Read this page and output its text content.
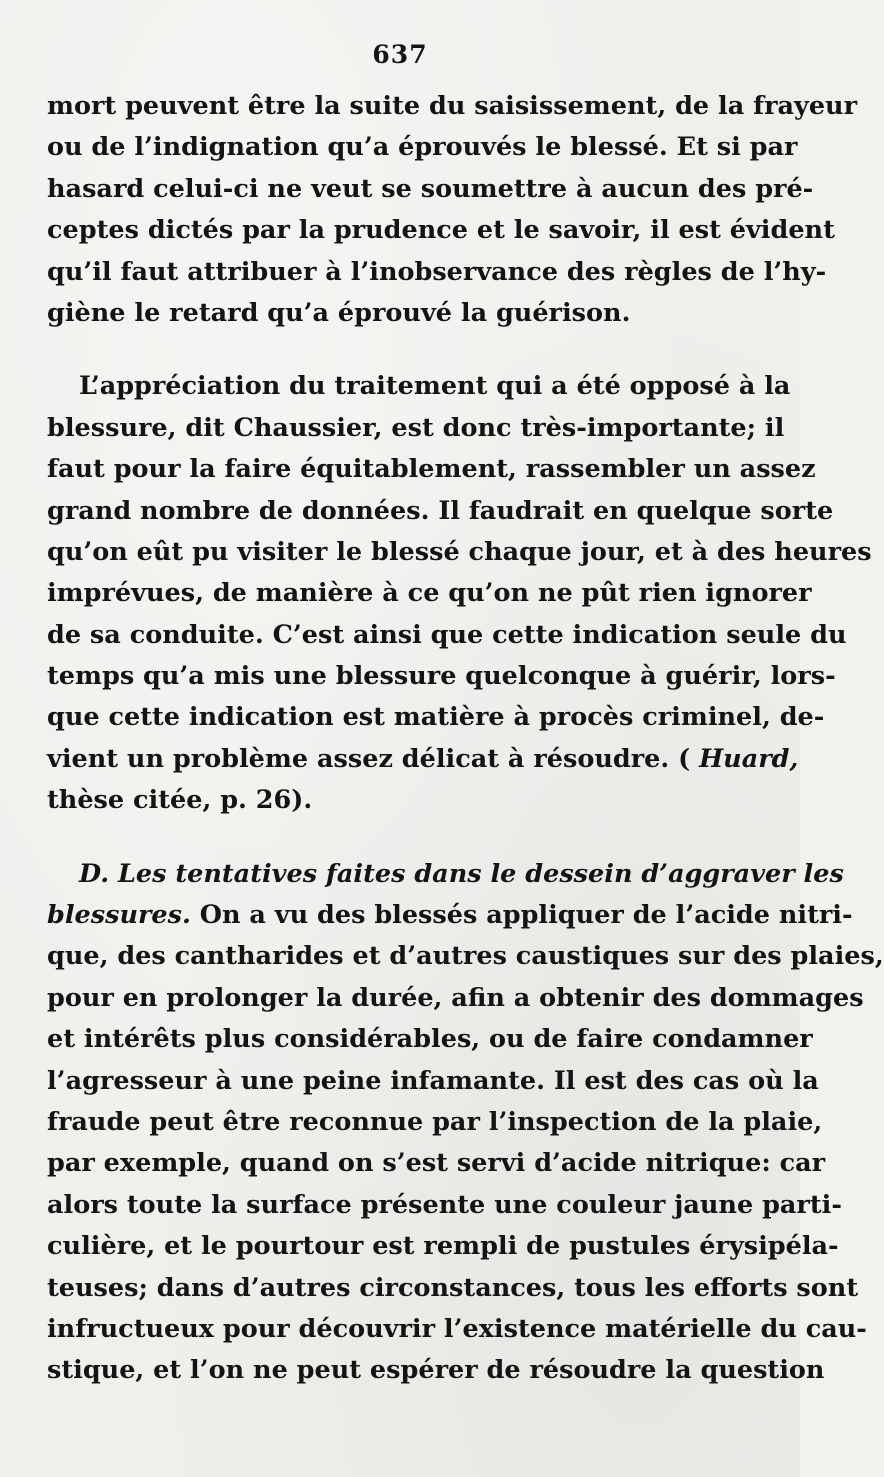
637
mort peuvent être la suite du saisissement, de la frayeur
ou de l’indignation qu’a éprouvés le blessé. Et si par
hasard celui-ci ne veut se soumettre à aucun des pré-
ceptes dictés par la prudence et le savoir, il est évident
qu’il faut attribuer à l’inobservance des règles de l’hy-
giène le retard qu’a éprouvé la guérison.
L’appréciation du traitement qui a été opposé à la
blessure, dit Chaussier, est donc très-importante; il
faut pour la faire équitablement, rassembler un assez
grand nombre de données. Il faudrait en quelque sorte
qu’on eût pu visiter le blessé chaque jour, et à des heures
imprévues, de manière à ce qu’on ne pût rien ignorer
de sa conduite. C’est ainsi que cette indication seule du
temps qu’a mis une blessure quelconque à guérir, lors-
que cette indication est matière à procès criminel, de-
vient un problème assez délicat à résoudre. ( Huard,
thèse citée, p. 26).
D. Les tentatives faites dans le dessein d’aggraver les
blessures. On a vu des blessés appliquer de l’acide nitri-
que, des cantharides et d’autres caustiques sur des plaies,
pour en prolonger la durée, afin a obtenir des dommages
et intérêts plus considérables, ou de faire condamner
l’agresseur à une peine infamante. Il est des cas où la
fraude peut être reconnue par l’inspection de la plaie,
par exemple, quand on s’est servi d’acide nitrique: car
alors toute la surface présente une couleur jaune parti-
culière, et le pourtour est rempli de pustules érysipéla-
teuses; dans d’autres circonstances, tous les efforts sont
infructueux pour découvrir l’existence matérielle du cau-
stique, et l’on ne peut espérer de résoudre la question
